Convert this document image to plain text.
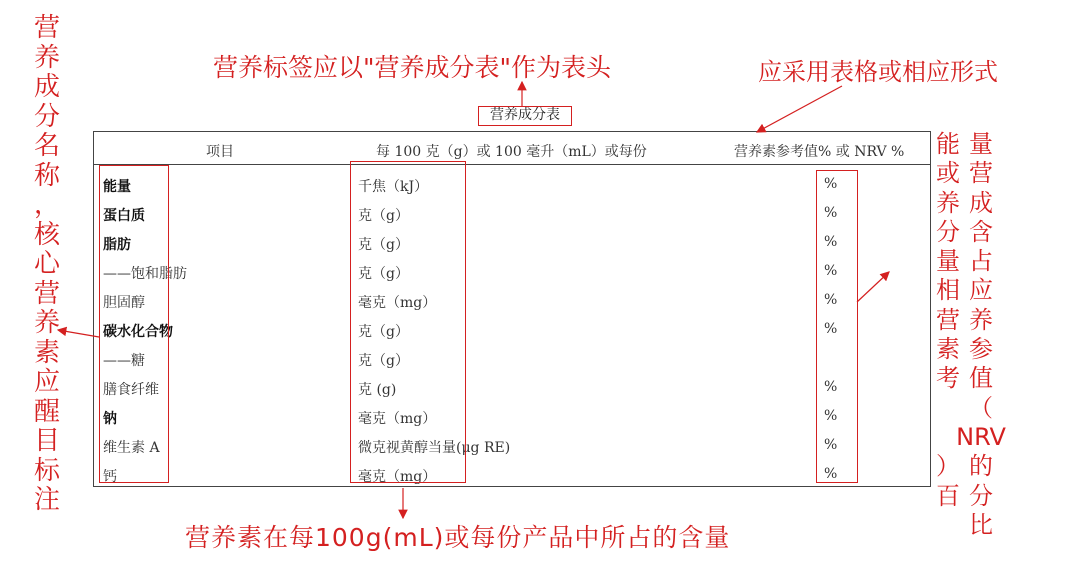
营
养
成
分
名
称
，
核
心
营
养
素
应
醒
目
标
注
能
或
养
分
量
相
营
素
考

）
百

量
营
成
含
占
应
养
参
值
（
NRV
的
分
比
营养标签应以"营养成分表"作为表头	应采用表格或相应形式
营养素在每100g(mL)或每份产品中所占的含量
营养成分表
项目	每 100 克（g）或 100 毫升（mL）或每份	营养素参考值% 或 NRV %
能量	千焦（kJ）	%
蛋白质	克（g）	%
脂肪	克（g）	%
——饱和脂肪	克（g）	%
胆固醇	毫克（mg）	%
碳水化合物	克（g）	%
——糖	克（g）
膳食纤维	克 (g)	%
钠	毫克（mg）	%
维生素 A	微克视黄醇当量(μg RE)	%
钙	毫克（mg）	%
